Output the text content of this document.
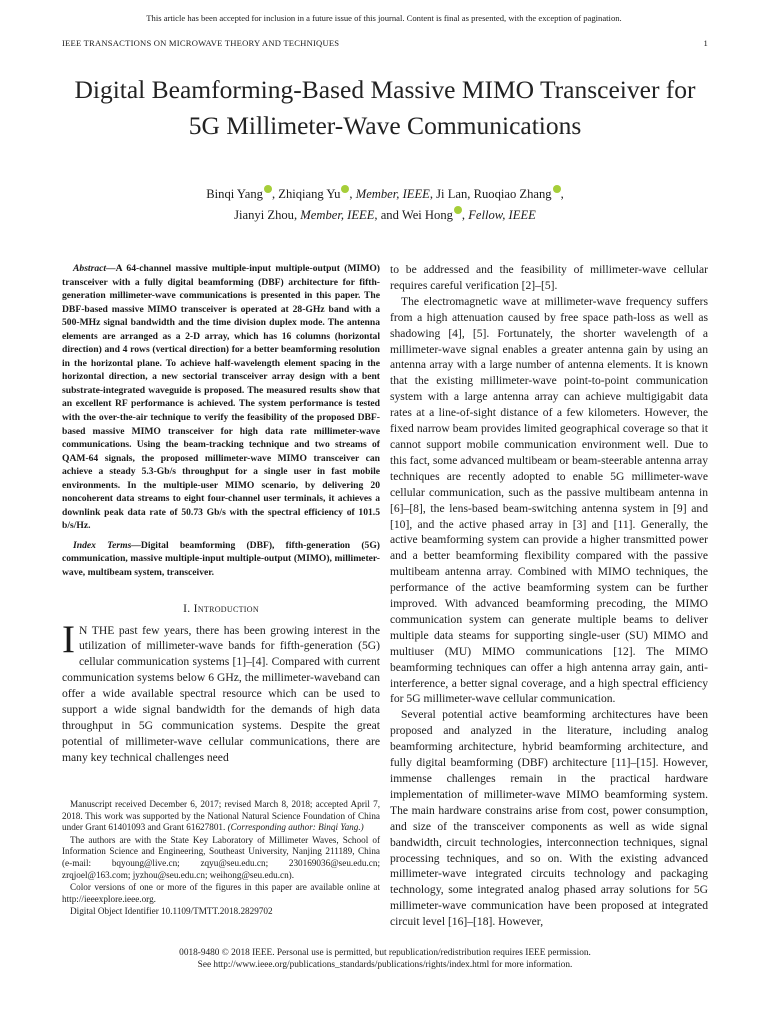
This article has been accepted for inclusion in a future issue of this journal. Content is final as presented, with the exception of pagination.
IEEE TRANSACTIONS ON MICROWAVE THEORY AND TECHNIQUES	1
Digital Beamforming-Based Massive MIMO Transceiver for 5G Millimeter-Wave Communications
Binqi Yang , Zhiqiang Yu , Member, IEEE, Ji Lan, Ruoqiao Zhang ,
Jianyi Zhou, Member, IEEE, and Wei Hong , Fellow, IEEE

Abstract—A 64-channel massive multiple-input multiple-output (MIMO) transceiver with a fully digital beamforming (DBF) architecture for fifth-generation millimeter-wave communications is presented in this paper. The DBF-based massive MIMO transceiver is operated at 28-GHz band with a 500-MHz signal bandwidth and the time division duplex mode. The antenna elements are arranged as a 2-D array, which has 16 columns (horizontal direction) and 4 rows (vertical direction) for a better beamforming resolution in the horizontal plane. To achieve half-wavelength element spacing in the horizontal direction, a new sectorial transceiver array design with a bent substrate-integrated waveguide is proposed. The measured results show that an excellent RF performance is achieved. The system performance is tested with the over-the-air technique to verify the feasibility of the proposed DBF-based massive MIMO transceiver for high data rate millimeter-wave communications. Using the beam-tracking technique and two streams of QAM-64 signals, the proposed millimeter-wave MIMO transceiver can achieve a steady 5.3-Gb/s throughput for a single user in fast mobile environments. In the multiple-user MIMO scenario, by delivering 20 noncoherent data streams to eight four-channel user terminals, it achieves a downlink peak data rate of 50.73 Gb/s with the spectral efficiency of 101.5 b/s/Hz.

Index Terms—Digital beamforming (DBF), fifth-generation (5G) communication, massive multiple-input multiple-output (MIMO), millimeter-wave, multibeam system, transceiver.

I. Introduction

I N THE past few years, there has been growing interest in the utilization of millimeter-wave bands for fifth-generation (5G) cellular communication systems [1]–[4]. Compared with current communication systems below 6 GHz, the millimeter-waveband can offer a wide available spectral resource which can be used to support a wide signal bandwidth for the demands of high data throughput in 5G communication systems. Despite the great potential of millimeter-wave cellular communications, there are many key technical challenges need

Manuscript received December 6, 2017; revised March 8, 2018; accepted April 7, 2018. This work was supported by the National Natural Science Foundation of China under Grant 61401093 and Grant 61627801. (Corresponding author: Binqi Yang.)

The authors are with the State Key Laboratory of Millimeter Waves, School of Information Science and Engineering, Southeast University, Nanjing 211189, China (e-mail: bqyoung@live.cn; zqyu@seu.edu.cn; 230169036@seu.edu.cn; zrqjoel@163.com; jyzhou@seu.edu.cn; weihong@seu.edu.cn).

Color versions of one or more of the figures in this paper are available online at http://ieeexplore.ieee.org.

Digital Object Identifier 10.1109/TMTT.2018.2829702

to be addressed and the feasibility of millimeter-wave cellular requires careful verification [2]–[5].

The electromagnetic wave at millimeter-wave frequency suffers from a high attenuation caused by free space path-loss as well as shadowing [4], [5]. Fortunately, the shorter wavelength of a millimeter-wave signal enables a greater antenna gain by using an antenna array with a large number of antenna elements. It is known that the existing millimeter-wave point-to-point communication system with a large antenna array can achieve multigigabit data rates at a line-of-sight distance of a few kilometers. However, the fixed narrow beam provides limited geographical coverage so that it cannot support mobile communication environment well. Due to this fact, some advanced multibeam or beam-steerable antenna array techniques are recently adopted to enable 5G millimeter-wave cellular communication, such as the passive multibeam antenna in [6]–[8], the lens-based beam-switching antenna system in [9] and [10], and the active phased array in [3] and [11]. Generally, the active beamforming system can provide a higher transmitted power and a better beamforming flexibility compared with the passive multibeam antenna array. Combined with MIMO techniques, the performance of the active beamforming system can be further improved. With advanced beamforming precoding, the MIMO communication system can generate multiple beams to deliver multiple data steams for supporting single-user (SU) MIMO and multiuser (MU) MIMO communications [12]. The MIMO beamforming techniques can offer a high antenna array gain, anti-interference, a better signal coverage, and a high spectral efficiency for 5G millimeter-wave cellular communication.

Several potential active beamforming architectures have been proposed and analyzed in the literature, including analog beamforming architecture, hybrid beamforming architecture, and fully digital beamforming (DBF) architecture [11]–[15]. However, immense challenges remain in the practical hardware implementation of millimeter-wave MIMO beamforming system. The main hardware constrains arise from cost, power consumption, and size of the transceiver components as well as wide signal bandwidth, circuit technologies, interconnection techniques, signal processing techniques, and so on. With the existing advanced millimeter-wave integrated circuits technology and packaging technology, some integrated analog phased array solutions for 5G millimeter-wave communication have been proposed at integrated circuit level [16]–[18]. However,

0018-9480 © 2018 IEEE. Personal use is permitted, but republication/redistribution requires IEEE permission.
See http://www.ieee.org/publications_standards/publications/rights/index.html for more information.
